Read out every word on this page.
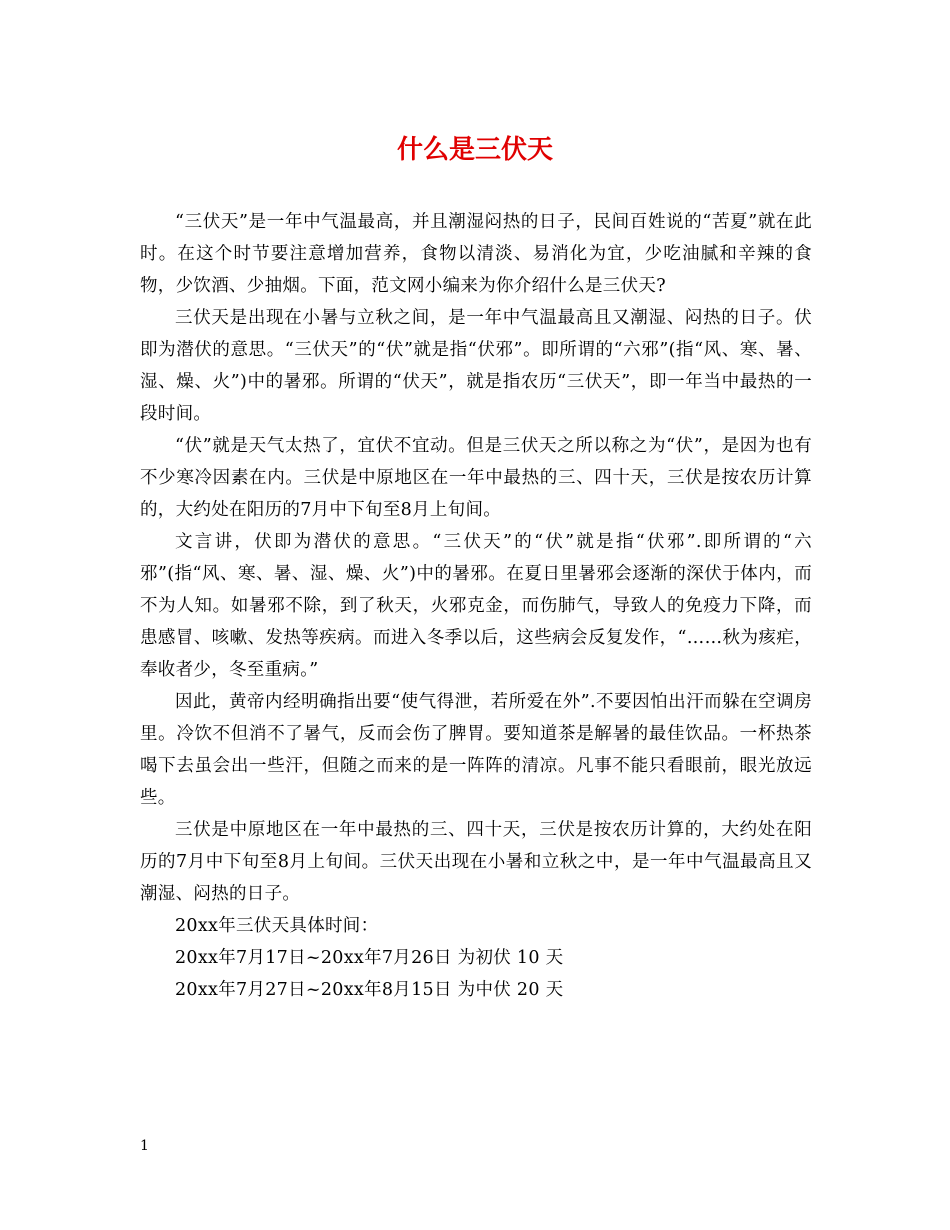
什么是三伏天

“三伏天”是一年中气温最高，并且潮湿闷热的日子，民间百姓说的“苦夏”就在此时。在这个时节要注意增加营养，食物以清淡、易消化为宜，少吃油腻和辛辣的食物，少饮酒、少抽烟。下面，范文网小编来为你介绍什么是三伏天?

三伏天是出现在小暑与立秋之间，是一年中气温最高且又潮湿、闷热的日子。伏即为潜伏的意思。“三伏天”的“伏”就是指“伏邪”。即所谓的“六邪”(指“风、寒、暑、湿、燥、火”)中的暑邪。所谓的“伏天”，就是指农历“三伏天”，即一年当中最热的一段时间。

“伏”就是天气太热了，宜伏不宜动。但是三伏天之所以称之为“伏”，是因为也有不少寒冷因素在内。三伏是中原地区在一年中最热的三、四十天，三伏是按农历计算的，大约处在阳历的7月中下旬至8月上旬间。

文言讲，伏即为潜伏的意思。“三伏天”的“伏”就是指“伏邪”.即所谓的“六邪”(指“风、寒、暑、湿、燥、火”)中的暑邪。在夏日里暑邪会逐渐的深伏于体内，而不为人知。如暑邪不除，到了秋天，火邪克金，而伤肺气，导致人的免疫力下降，而患感冒、咳嗽、发热等疾病。而进入冬季以后，这些病会反复发作，“……秋为痎疟，奉收者少，冬至重病。”

因此，黄帝内经明确指出要“使气得泄，若所爱在外”.不要因怕出汗而躲在空调房里。冷饮不但消不了暑气，反而会伤了脾胃。要知道茶是解暑的最佳饮品。一杯热茶喝下去虽会出一些汗，但随之而来的是一阵阵的清凉。凡事不能只看眼前，眼光放远些。

三伏是中原地区在一年中最热的三、四十天，三伏是按农历计算的，大约处在阳历的7月中下旬至8月上旬间。三伏天出现在小暑和立秋之中，是一年中气温最高且又潮湿、闷热的日子。

20xx年三伏天具体时间：

20xx年7月17日~20xx年7月26日 为初伏 10 天

20xx年7月27日~20xx年8月15日 为中伏 20 天

1
